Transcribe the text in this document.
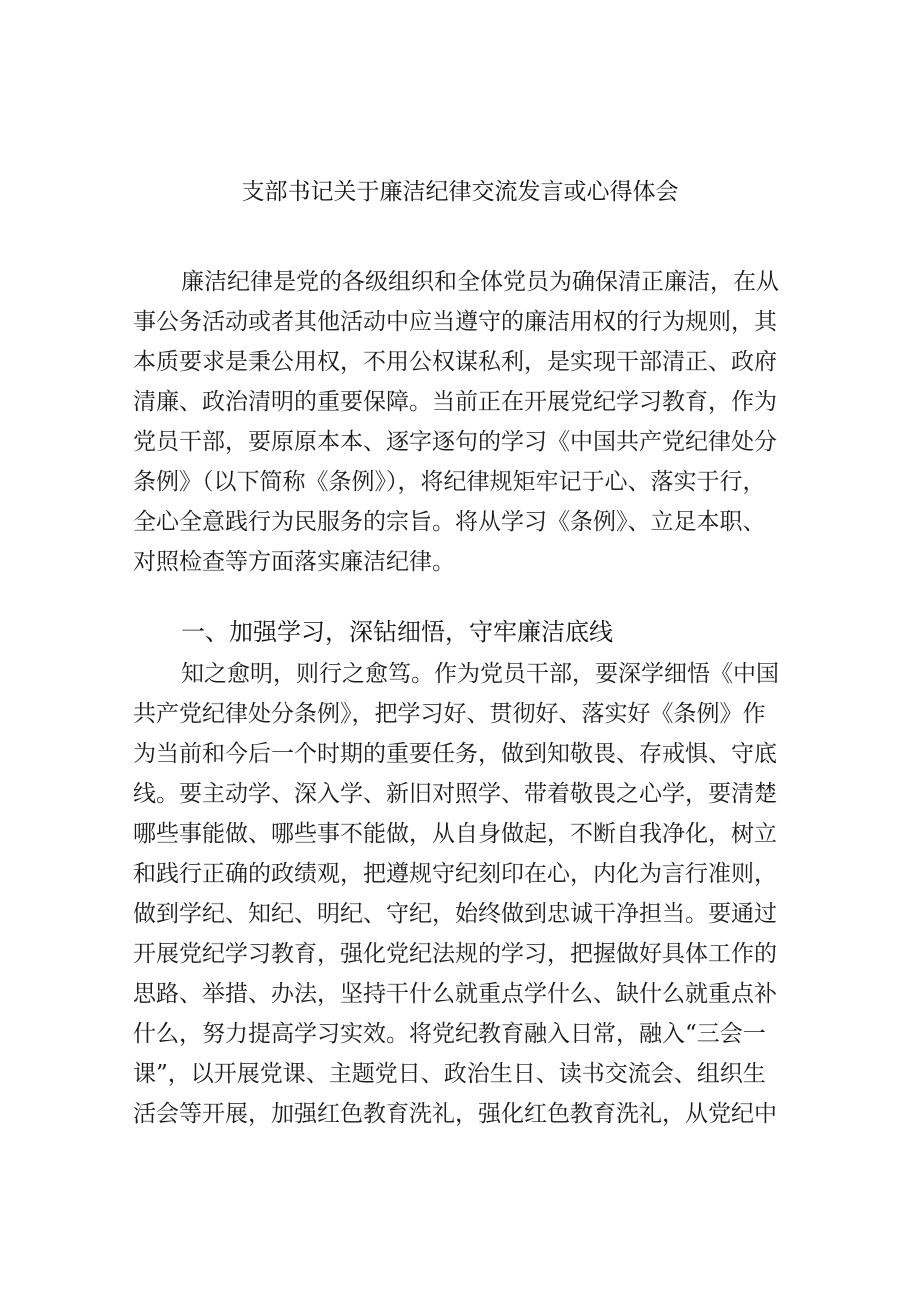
支部书记关于廉洁纪律交流发言或心得体会
廉洁纪律是党的各级组织和全体党员为确保清正廉洁，在从
事公务活动或者其他活动中应当遵守的廉洁用权的行为规则，其
本质要求是秉公用权，不用公权谋私利，是实现干部清正、政府
清廉、政治清明的重要保障。当前正在开展党纪学习教育，作为
党员干部，要原原本本、逐字逐句的学习《中国共产党纪律处分
条例》（以下简称《条例》），将纪律规矩牢记于心、落实于行，
全心全意践行为民服务的宗旨。将从学习《条例》、立足本职、
对照检查等方面落实廉洁纪律。
一、加强学习，深钻细悟，守牢廉洁底线
知之愈明，则行之愈笃。作为党员干部，要深学细悟《中国
共产党纪律处分条例》，把学习好、贯彻好、落实好《条例》作
为当前和今后一个时期的重要任务，做到知敬畏、存戒惧、守底
线。要主动学、深入学、新旧对照学、带着敬畏之心学，要清楚
哪些事能做、哪些事不能做，从自身做起，不断自我净化，树立
和践行正确的政绩观，把遵规守纪刻印在心，内化为言行准则，
做到学纪、知纪、明纪、守纪，始终做到忠诚干净担当。要通过
开展党纪学习教育，强化党纪法规的学习，把握做好具体工作的
思路、举措、办法，坚持干什么就重点学什么、缺什么就重点补
什么，努力提高学习实效。将党纪教育融入日常，融入“三会一
课”，以开展党课、主题党日、政治生日、读书交流会、组织生
活会等开展，加强红色教育洗礼，强化红色教育洗礼，从党纪中
